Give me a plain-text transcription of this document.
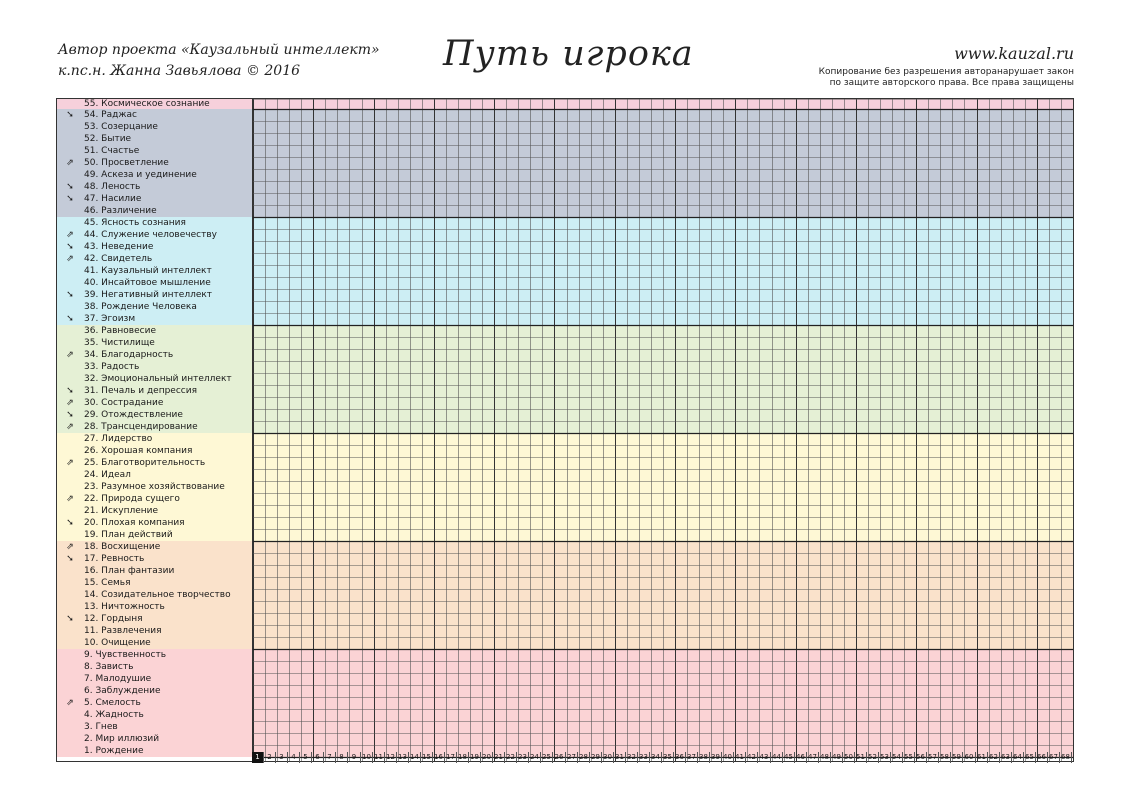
Автор проекта «Каузальный интеллект»
к.пс.н. Жанна Завьялова © 2016	Путь игрока	www.kauzal.ru
Копирование без разрешения авторанарушает закон
по защите авторского права. Все права защищены
55. Космическое сознание
➘	54. Раджас
53. Созерцание
52. Бытие
51. Счастье
⇗	50. Просветление
49. Аскеза и уединение
➘	48. Леность
➘	47. Насилие
46. Различение
45. Ясность сознания
⇗	44. Служение человечеству
➘	43. Неведение
⇗	42. Свидетель
41. Каузальный интеллект
40. Инсайтовое мышление
➘	39. Негативный интеллект
38. Рождение Человека
➘	37. Эгоизм
36. Равновесие
35. Чистилище
⇗	34. Благодарность
33. Радость
32. Эмоциональный интеллект
➘	31. Печаль и депрессия
⇗	30. Сострадание
➘	29. Отождествление
⇗	28. Трансцендирование
27. Лидерство
26. Хорошая компания
⇗	25. Благотворительность
24. Идеал
23. Разумное хозяйствование
⇗	22. Природа сущего
21. Искупление
➘	20. Плохая компания
19. План действий
⇗	18. Восхищение
➘	17. Ревность
16. План фантазии
15. Семья
14. Созидательное творчество
13. Ничтожность
➘	12. Гордыня
11. Развлечения
10. Очищение
9. Чувственность
8. Зависть
7. Малодушие
6. Заблуждение
⇗	5. Смелость
4. Жадность
3. Гнев
2. Мир иллюзий
1. Рождение
1	2	3	4	5	6	7	8	9 10 11 12 13 14 15 16 17 18 19 20 21 22 23 24 25 26 27 28 29 30 31 32 33 34 35 36 37 38 39 40 41 42 43 44 45 46 47 48 49 50 51 52 53 54 55 56 57 58 59 60 61 62 63 64 65 66 67 68
